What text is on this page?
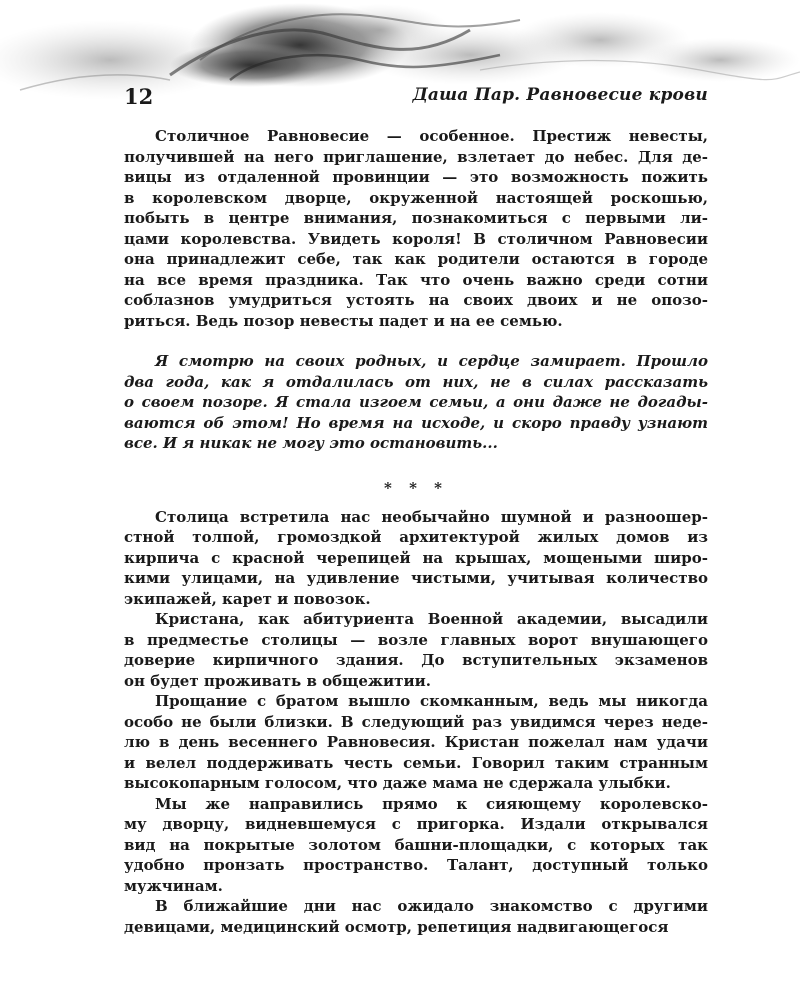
12	Даша Пар. Равновесие крови

Столичное Равновесие — особенное. Престиж невесты,

получившей на него приглашение, взлетает до небес. Для де-

вицы из отдаленной провинции — это возможность пожить

в королевском дворце, окруженной настоящей роскошью,

побыть в центре внимания, познакомиться с первыми ли-

цами королевства. Увидеть короля! В столичном Равновесии

она принадлежит себе, так как родители остаются в городе

на все время праздника. Так что очень важно среди сотни

соблазнов умудриться устоять на своих двоих и не опозо-

риться. Ведь позор невесты падет и на ее семью.

Я смотрю на своих родных, и сердце замирает. Прошло

два года, как я отдалилась от них, не в силах рассказать

о своем позоре. Я стала изгоем семьи, а они даже не догады-

ваются об этом! Но время на исходе, и скоро правду узнают

все. И я никак не могу это остановить...

* * *

Столица встретила нас необычайно шумной и разноошер-

стной толпой, громоздкой архитектурой жилых домов из

кирпича с красной черепицей на крышах, мощеными широ-

кими улицами, на удивление чистыми, учитывая количество

экипажей, карет и повозок.

Кристана, как абитуриента Военной академии, высадили

в предместье столицы — возле главных ворот внушающего

доверие кирпичного здания. До вступительных экзаменов

он будет проживать в общежитии.

Прощание с братом вышло скомканным, ведь мы никогда

особо не были близки. В следующий раз увидимся через неде-

лю в день весеннего Равновесия. Кристан пожелал нам удачи

и велел поддерживать честь семьи. Говорил таким странным

высокопарным голосом, что даже мама не сдержала улыбки.

Мы же направились прямо к сияющему королевско-

му дворцу, видневшемуся с пригорка. Издали открывался

вид на покрытые золотом башни-площадки, с которых так

удобно пронзать пространство. Талант, доступный только

мужчинам.

В ближайшие дни нас ожидало знакомство с другими

девицами, медицинский осмотр, репетиция надвигающегося
